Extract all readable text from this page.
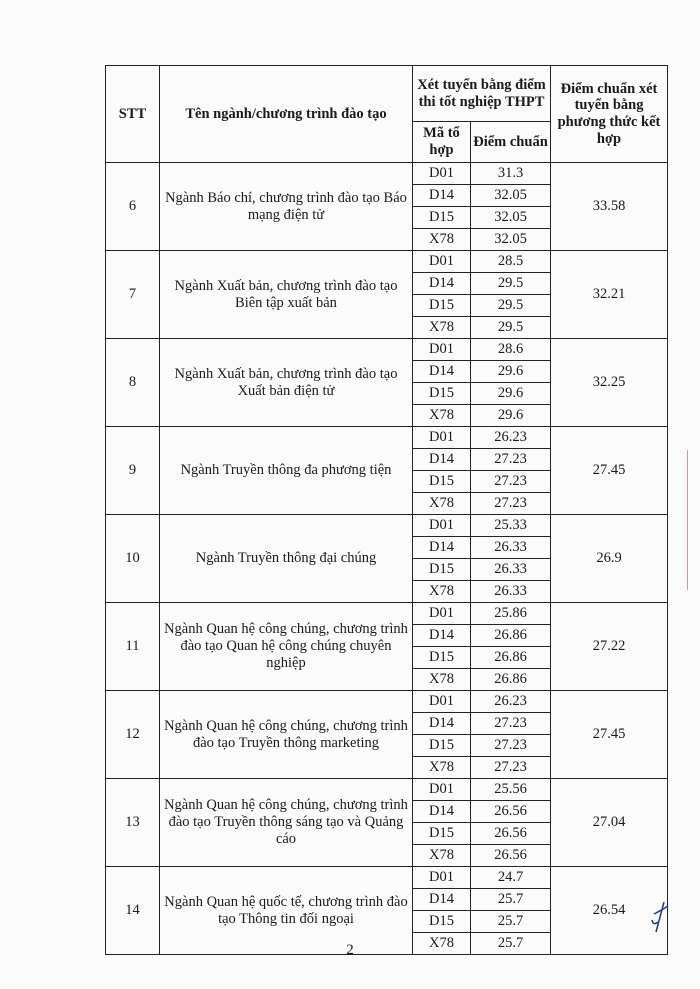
STT	Tên ngành/chương trình đào tạo	Xét tuyển bằng điểm thi tốt nghiệp THPT		Điểm chuẩn xét tuyển bằng phương thức kết hợp
		Mã tổ hợp	Điểm chuẩn	
6	Ngành Báo chí, chương trình đào tạo Báo mạng điện tử	D01	31.3	33.58
		D14	32.05	
		D15	32.05	
		X78	32.05	
7	Ngành Xuất bản, chương trình đào tạo Biên tập xuất bản	D01	28.5	32.21
		D14	29.5	
		D15	29.5	
		X78	29.5	
8	Ngành Xuất bản, chương trình đào tạo Xuất bản điện tử	D01	28.6	32.25
		D14	29.6	
		D15	29.6	
		X78	29.6	
9	Ngành Truyền thông đa phương tiện	D01	26.23	27.45
		D14	27.23	
		D15	27.23	
		X78	27.23	
10	Ngành Truyền thông đại chúng	D01	25.33	26.9
		D14	26.33	
		D15	26.33	
		X78	26.33	
11	Ngành Quan hệ công chúng, chương trình đào tạo Quan hệ công chúng chuyên nghiệp	D01	25.86	27.22
		D14	26.86	
		D15	26.86	
		X78	26.86	
12	Ngành Quan hệ công chúng, chương trình đào tạo Truyền thông marketing	D01	26.23	27.45
		D14	27.23	
		D15	27.23	
		X78	27.23	
13	Ngành Quan hệ công chúng, chương trình đào tạo Truyền thông sáng tạo và Quảng cáo	D01	25.56	27.04
		D14	26.56	
		D15	26.56	
		X78	26.56	
14	Ngành Quan hệ quốc tế, chương trình đào tạo Thông tin đối ngoại	D01	24.7	26.54
		D14	25.7	
		D15	25.7	
		X78	25.7	
2
